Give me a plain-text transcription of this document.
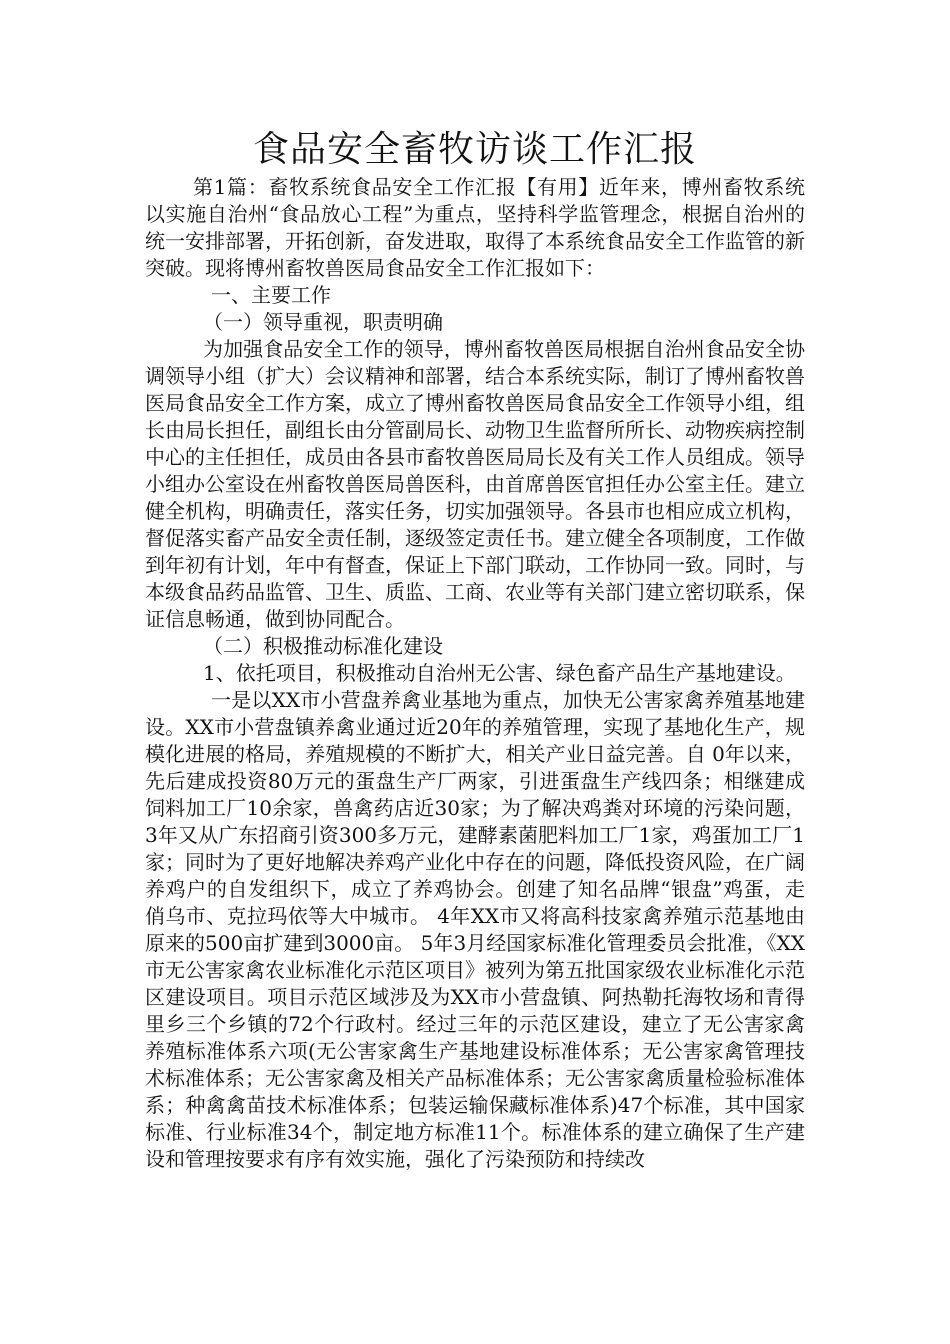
食品安全畜牧访谈工作汇报

第1篇：畜牧系统食品安全工作汇报【有用】近年来，博州畜牧系统以实施自治州“食品放心工程”为重点，坚持科学监管理念，根据自治州的统一安排部署，开拓创新，奋发进取，取得了本系统食品安全工作监管的新突破。现将博州畜牧兽医局食品安全工作汇报如下：

一、主要工作

（一）领导重视，职责明确

为加强食品安全工作的领导，博州畜牧兽医局根据自治州食品安全协调领导小组（扩大）会议精神和部署，结合本系统实际，制订了博州畜牧兽医局食品安全工作方案，成立了博州畜牧兽医局食品安全工作领导小组，组长由局长担任，副组长由分管副局长、动物卫生监督所所长、动物疾病控制中心的主任担任，成员由各县市畜牧兽医局局长及有关工作人员组成。领导小组办公室设在州畜牧兽医局兽医科，由首席兽医官担任办公室主任。建立健全机构，明确责任，落实任务，切实加强领导。各县市也相应成立机构，督促落实畜产品安全责任制，逐级签定责任书。建立健全各项制度，工作做到年初有计划，年中有督查，保证上下部门联动，工作协同一致。同时，与本级食品药品监管、卫生、质监、工商、农业等有关部门建立密切联系，保证信息畅通，做到协同配合。

（二）积极推动标准化建设

1、依托项目，积极推动自治州无公害、绿色畜产品生产基地建设。

一是以XX市小营盘养禽业基地为重点，加快无公害家禽养殖基地建设。XX市小营盘镇养禽业通过近20年的养殖管理，实现了基地化生产，规模化进展的格局，养殖规模的不断扩大，相关产业日益完善。自 0年以来，先后建成投资80万元的蛋盘生产厂两家，引进蛋盘生产线四条；相继建成饲料加工厂10余家，兽禽药店近30家；为了解决鸡粪对环境的污染问题， 3年又从广东招商引资300多万元，建酵素菌肥料加工厂1家，鸡蛋加工厂1家；同时为了更好地解决养鸡产业化中存在的问题，降低投资风险，在广阔养鸡户的自发组织下，成立了养鸡协会。创建了知名品牌“银盘”鸡蛋，走俏乌市、克拉玛依等大中城市。 4年XX市又将高科技家禽养殖示范基地由原来的500亩扩建到3000亩。 5年3月经国家标准化管理委员会批准，《XX市无公害家禽农业标准化示范区项目》被列为第五批国家级农业标准化示范区建设项目。项目示范区域涉及为XX市小营盘镇、阿热勒托海牧场和青得里乡三个乡镇的72个行政村。经过三年的示范区建设，建立了无公害家禽养殖标准体系六项(无公害家禽生产基地建设标准体系；无公害家禽管理技术标准体系；无公害家禽及相关产品标准体系；无公害家禽质量检验标准体系；种禽禽苗技术标准体系；包装运输保藏标准体系)47个标准，其中国家标准、行业标准34个，制定地方标准11个。标准体系的建立确保了生产建设和管理按要求有序有效实施，强化了污染预防和持续改
